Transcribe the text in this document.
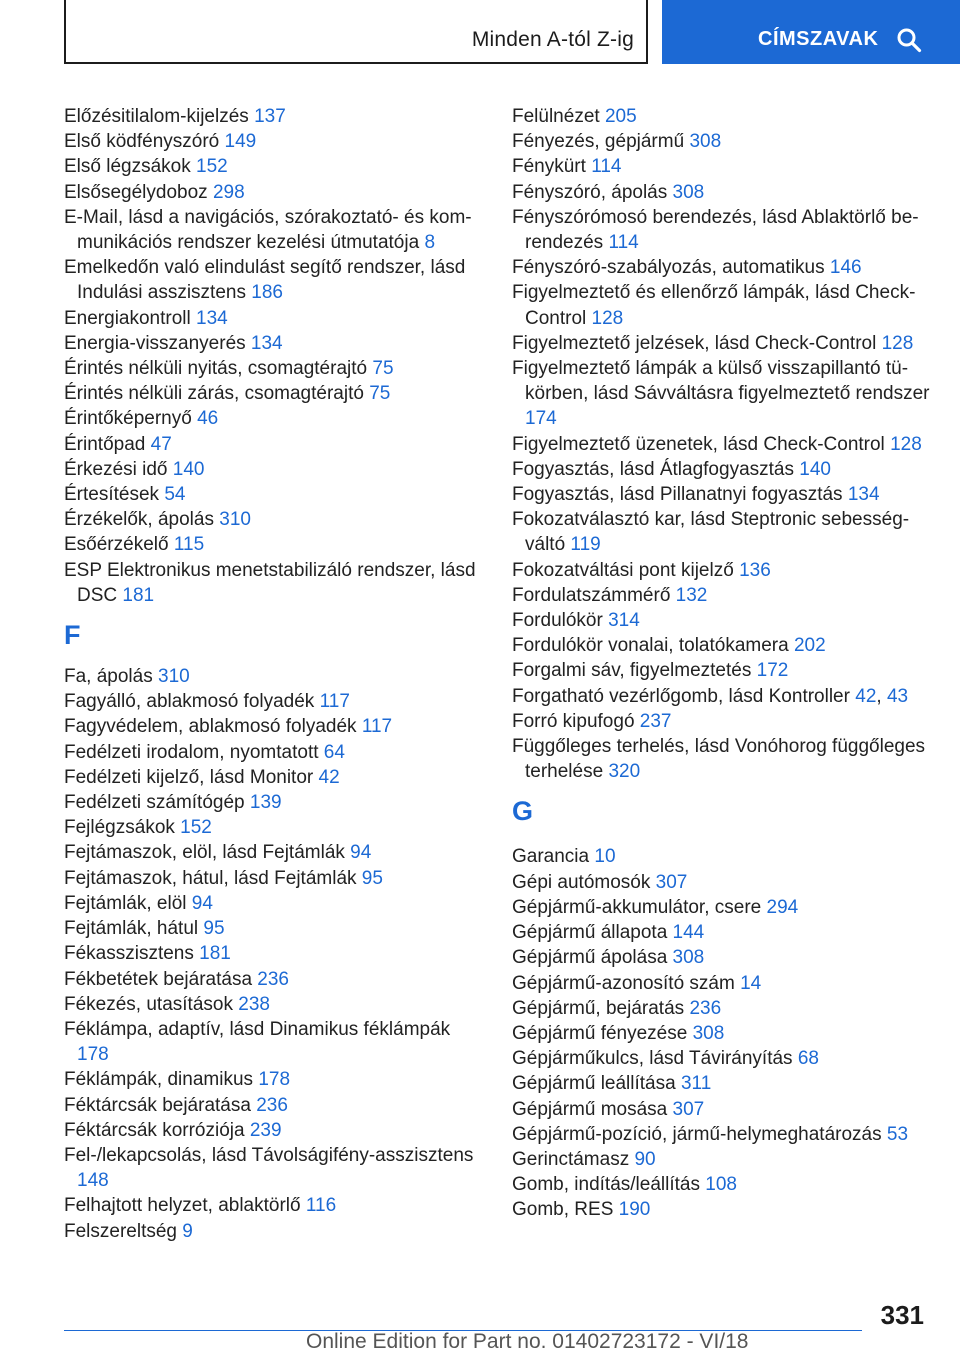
Minden A-tól Z-ig	CÍMSZAVAK
Előzésitilalom-kijelzés 137
Első ködfényszóró 149
Első légzsákok 152
Elsősegélydoboz 298
E-Mail, lásd a navigációs, szórakoztató- és kommunikációs rendszer kezelési útmutatója 8
Emelkedőn való elindulást segítő rendszer, lásd Indulási asszisztens 186
Energiakontroll 134
Energia-visszanyerés 134
Érintés nélküli nyitás, csomagtérajtó 75
Érintés nélküli zárás, csomagtérajtó 75
Érintőképernyő 46
Érintőpad 47
Érkezési idő 140
Értesítések 54
Érzékelők, ápolás 310
Esőérzékelő 115
ESP Elektronikus menetstabilizáló rendszer, lásd DSC 181
F
Fa, ápolás 310
Fagyálló, ablakmosó folyadék 117
Fagyvédelem, ablakmosó folyadék 117
Fedélzeti irodalom, nyomtatott 64
Fedélzeti kijelző, lásd Monitor 42
Fedélzeti számítógép 139
Fejlégzsákok 152
Fejtámaszok, elöl, lásd Fejtámlák 94
Fejtámaszok, hátul, lásd Fejtámlák 95
Fejtámlák, elöl 94
Fejtámlák, hátul 95
Fékasszisztens 181
Fékbetétek bejáratása 236
Fékezés, utasítások 238
Féklámpa, adaptív, lásd Dinamikus féklámpák 178
Féklámpák, dinamikus 178
Féktárcsák bejáratása 236
Féktárcsák korróziója 239
Fel-/lekapcsolás, lásd Távolságifény-asszisztens 148
Felhajtott helyzet, ablaktörlő 116
Felszereltség 9
Felülnézet 205
Fényezés, gépjármű 308
Fénykürt 114
Fényszóró, ápolás 308
Fényszórómosó berendezés, lásd Ablaktörlő berendezés 114
Fényszóró-szabályozás, automatikus 146
Figyelmeztető és ellenőrző lámpák, lásd Check-Control 128
Figyelmeztető jelzések, lásd Check-Control 128
Figyelmeztető lámpák a külső visszapillantó tükörben, lásd Sávváltásra figyelmeztető rendszer 174
Figyelmeztető üzenetek, lásd Check-Control 128
Fogyasztás, lásd Átlagfogyasztás 140
Fogyasztás, lásd Pillanatnyi fogyasztás 134
Fokozatválasztó kar, lásd Steptronic sebességváltó 119
Fokozatváltási pont kijelző 136
Fordulatszámmérő 132
Fordulókör 314
Fordulókör vonalai, tolatókamera 202
Forgalmi sáv, figyelmeztetés 172
Forgatható vezérlőgomb, lásd Kontroller 42, 43
Forró kipufogó 237
Függőleges terhelés, lásd Vonóhorog függőleges terhelése 320
G
Garancia 10
Gépi autómosók 307
Gépjármű-akkumulátor, csere 294
Gépjármű állapota 144
Gépjármű ápolása 308
Gépjármű-azonosító szám 14
Gépjármű, bejáratás 236
Gépjármű fényezése 308
Gépjárműkulcs, lásd Távirányítás 68
Gépjármű leállítása 311
Gépjármű mosása 307
Gépjármű-pozíció, jármű-helymeghatározás 53
Gerinctámasz 90
Gomb, indítás/leállítás 108
Gomb, RES 190
331
Online Edition for Part no. 01402723172 - VI/18
